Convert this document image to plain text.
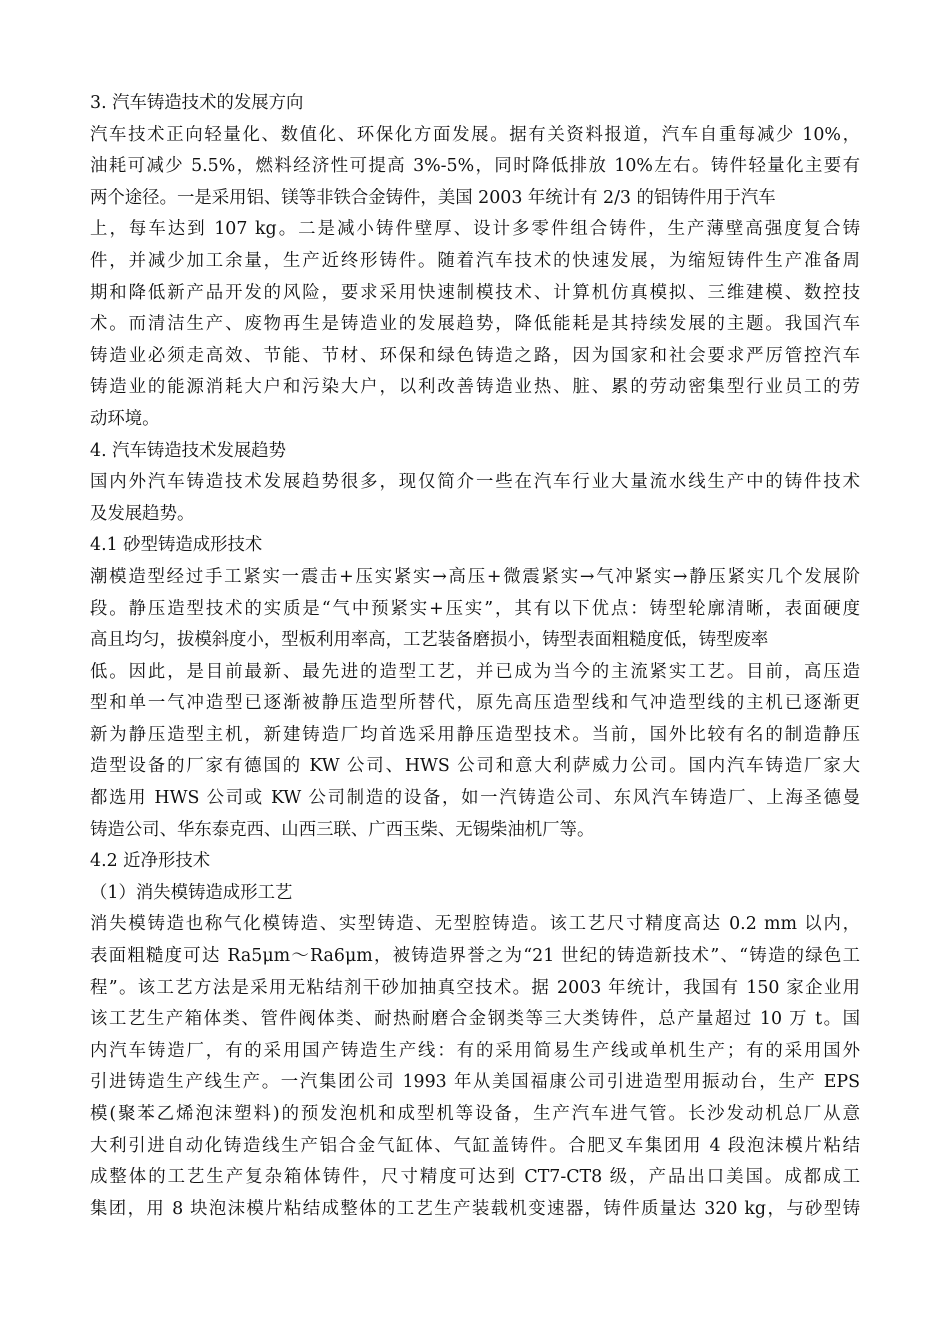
3. 汽车铸造技术的发展方向
汽车技术正向轻量化、数值化、环保化方面发展。据有关资料报道，汽车自重每减少 10%，
油耗可减少 5.5%，燃料经济性可提高 3%-5%，同时降低排放 10%左右。铸件轻量化主要有
两个途径。一是采用铝、镁等非铁合金铸件，美国 2003 年统计有 2/3 的铝铸件用于汽车
上，每车达到 107 kg。二是减小铸件壁厚、设计多零件组合铸件，生产薄壁高强度复合铸
件，并减少加工余量，生产近终形铸件。随着汽车技术的快速发展，为缩短铸件生产准备周
期和降低新产品开发的风险，要求采用快速制模技术、计算机仿真模拟、三维建模、数控技
术。而清洁生产、废物再生是铸造业的发展趋势，降低能耗是其持续发展的主题。我国汽车
铸造业必须走高效、节能、节材、环保和绿色铸造之路，因为国家和社会要求严厉管控汽车
铸造业的能源消耗大户和污染大户，以利改善铸造业热、脏、累的劳动密集型行业员工的劳
动环境。
4. 汽车铸造技术发展趋势
国内外汽车铸造技术发展趋势很多，现仅简介一些在汽车行业大量流水线生产中的铸件技术
及发展趋势。
4.1 砂型铸造成形技术
潮模造型经过手工紧实一震击+压实紧实→高压+微震紧实→气冲紧实→静压紧实几个发展阶
段。静压造型技术的实质是“气中预紧实+压实”，其有以下优点：铸型轮廓清晰，表面硬度
高且均匀，拔模斜度小，型板利用率高，工艺装备磨损小，铸型表面粗糙度低，铸型废率
低。因此，是目前最新、最先进的造型工艺，并已成为当今的主流紧实工艺。目前，高压造
型和单一气冲造型已逐渐被静压造型所替代，原先高压造型线和气冲造型线的主机已逐渐更
新为静压造型主机，新建铸造厂均首选采用静压造型技术。当前，国外比较有名的制造静压
造型设备的厂家有德国的 KW 公司、HWS 公司和意大利萨威力公司。国内汽车铸造厂家大
都选用 HWS 公司或 KW 公司制造的设备，如一汽铸造公司、东风汽车铸造厂、上海圣德曼
铸造公司、华东泰克西、山西三联、广西玉柴、无锡柴油机厂等。
4.2 近净形技术
（1）消失模铸造成形工艺
消失模铸造也称气化模铸造、实型铸造、无型腔铸造。该工艺尺寸精度高达 0.2 mm 以内，
表面粗糙度可达 Ra5μm～Ra6μm，被铸造界誉之为“21 世纪的铸造新技术”、“铸造的绿色工
程”。该工艺方法是采用无粘结剂干砂加抽真空技术。据 2003 年统计，我国有 150 家企业用
该工艺生产箱体类、管件阀体类、耐热耐磨合金钢类等三大类铸件，总产量超过 10 万 t。国
内汽车铸造厂，有的采用国产铸造生产线：有的采用简易生产线或单机生产；有的采用国外
引进铸造生产线生产。一汽集团公司 1993 年从美国福康公司引进造型用振动台，生产 EPS
模(聚苯乙烯泡沫塑料)的预发泡机和成型机等设备，生产汽车进气管。长沙发动机总厂从意
大利引进自动化铸造线生产铝合金气缸体、气缸盖铸件。合肥叉车集团用 4 段泡沫模片粘结
成整体的工艺生产复杂箱体铸件，尺寸精度可达到 CT7-CT8 级，产品出口美国。成都成工
集团，用 8 块泡沫模片粘结成整体的工艺生产装载机变速器，铸件质量达 320 kg，与砂型铸
